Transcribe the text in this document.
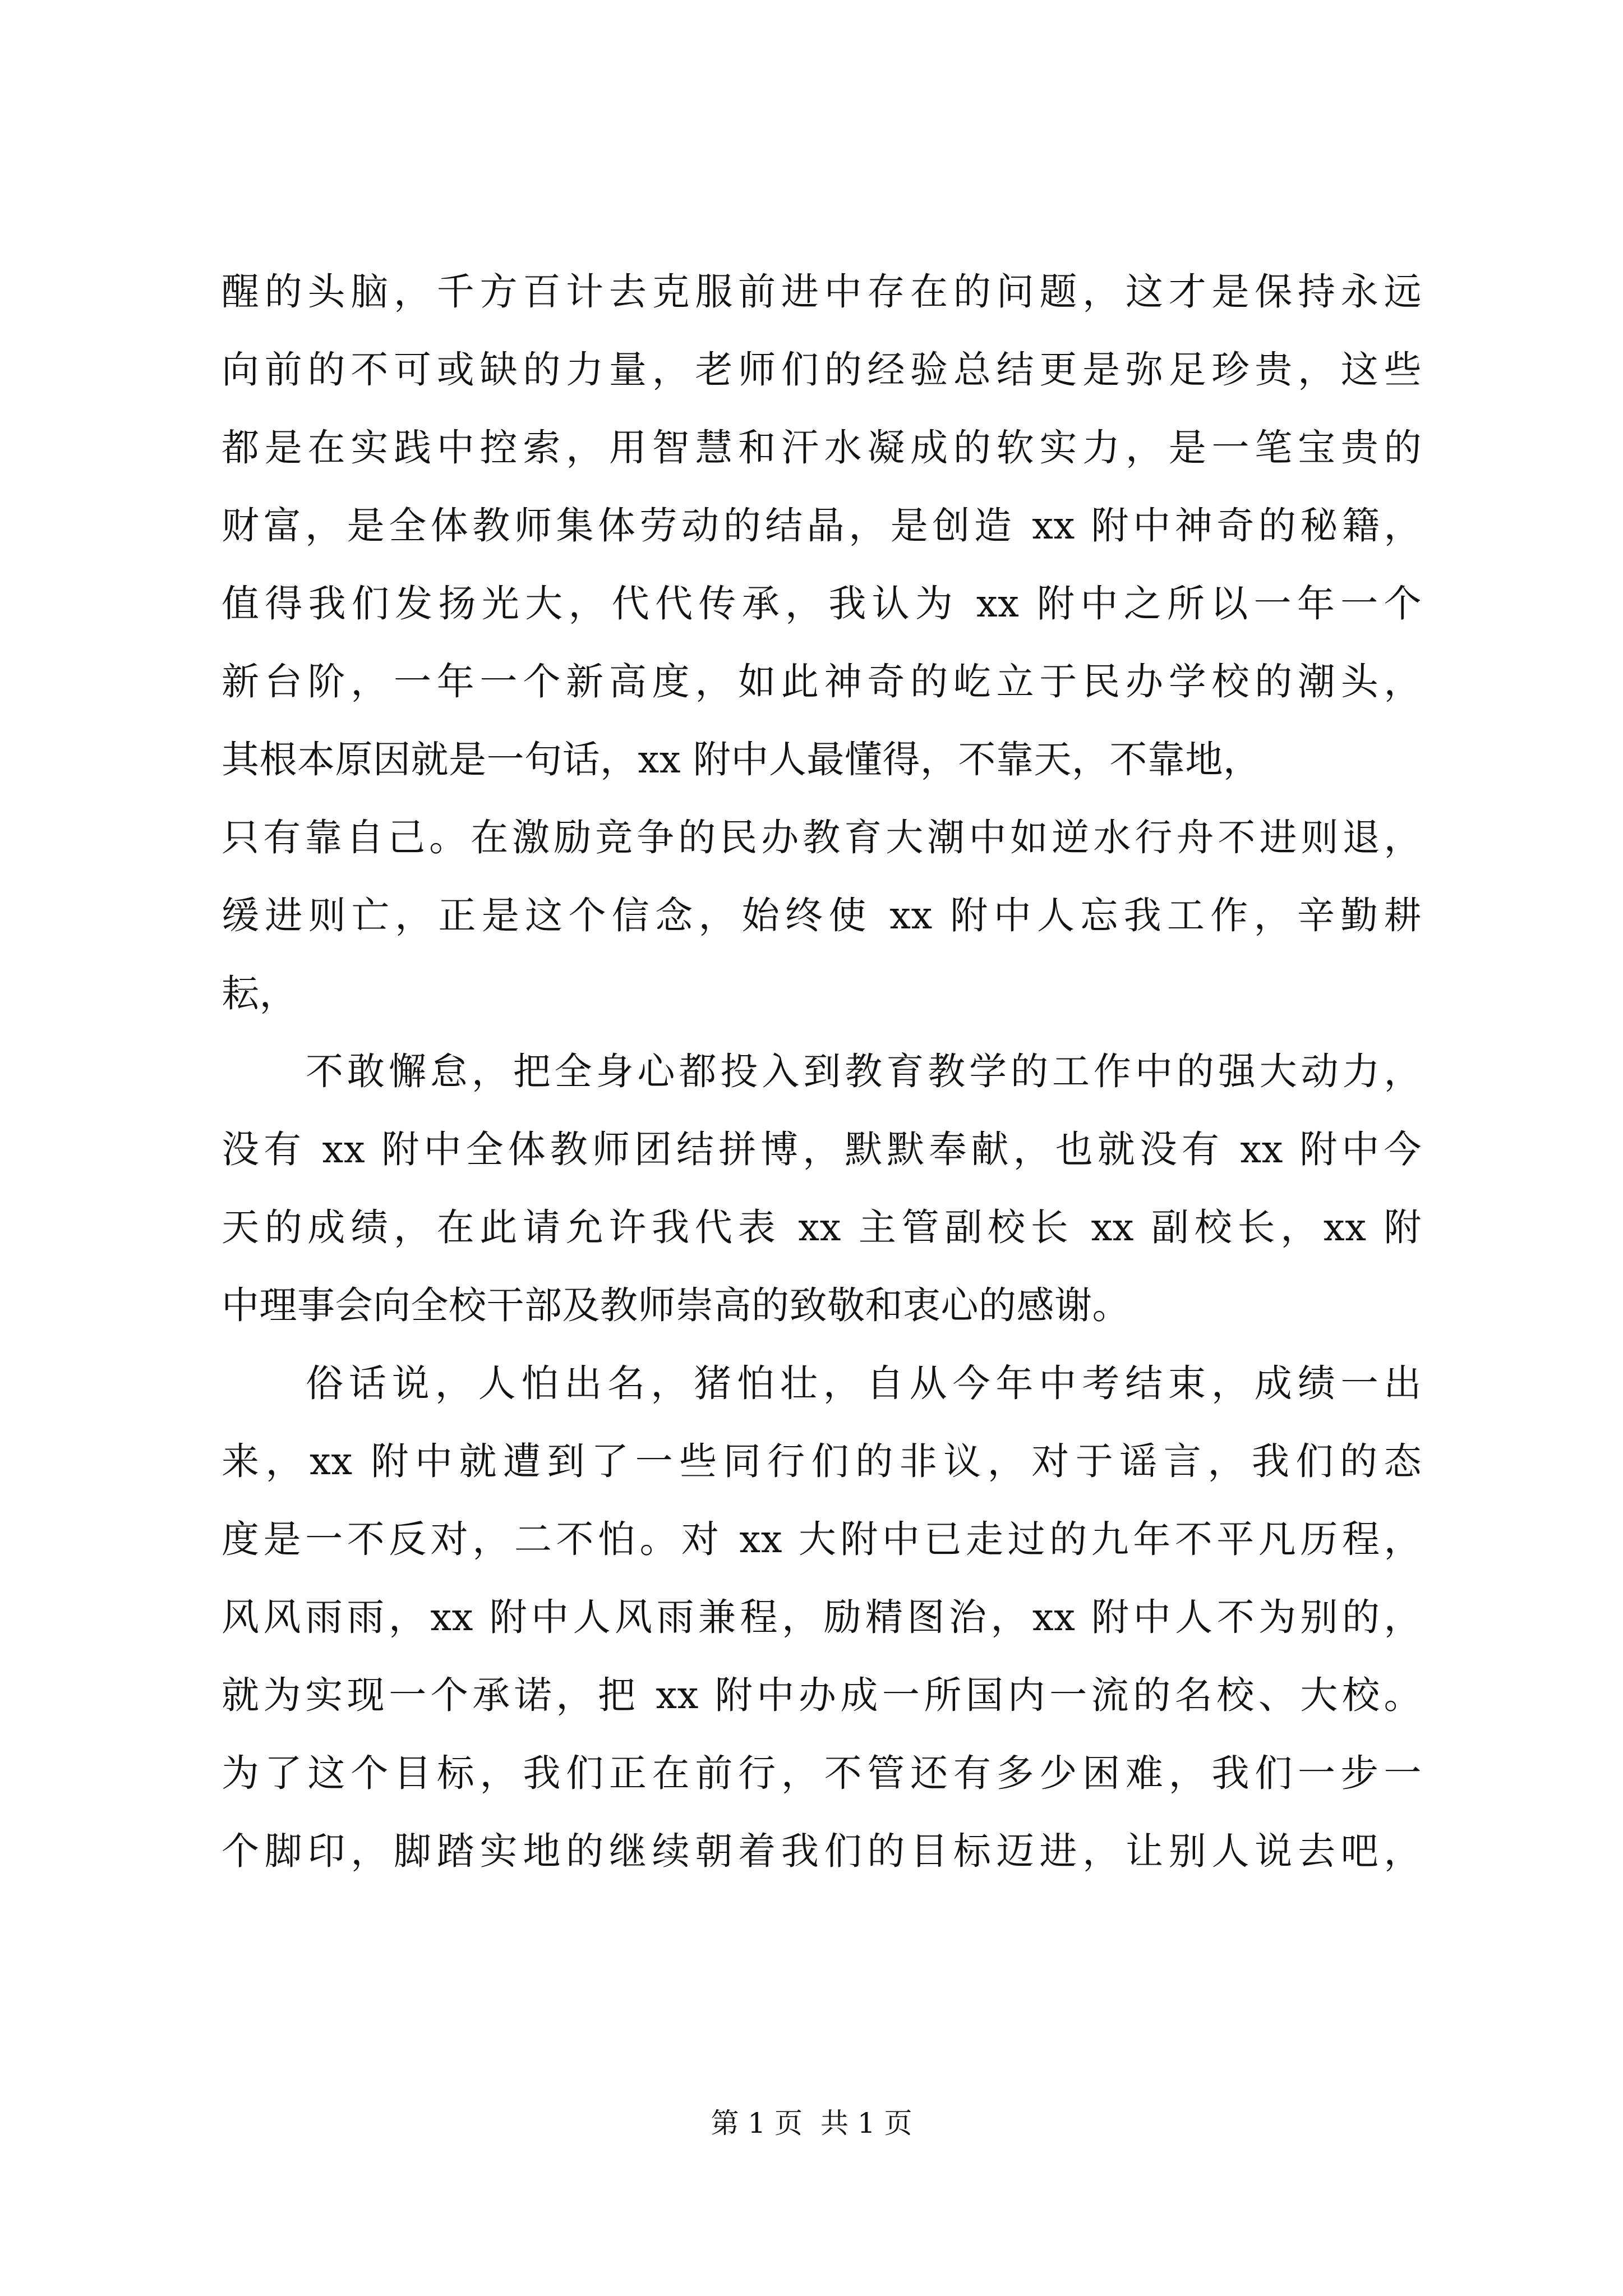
醒的头脑，千方百计去克服前进中存在的问题，这才是保持永远
向前的不可或缺的力量，老师们的经验总结更是弥足珍贵，这些
都是在实践中控索，用智慧和汗水凝成的软实力，是一笔宝贵的
财富，是全体教师集体劳动的结晶，是创造 xx 附中神奇的秘籍，
值得我们发扬光大，代代传承，我认为 xx 附中之所以一年一个
新台阶，一年一个新高度，如此神奇的屹立于民办学校的潮头，
其根本原因就是一句话，xx 附中人最懂得，不靠天，不靠地，
只有靠自己。在激励竞争的民办教育大潮中如逆水行舟不进则退，
缓进则亡，正是这个信念，始终使 xx 附中人忘我工作，辛勤耕
耘，
不敢懈怠，把全身心都投入到教育教学的工作中的强大动力，
没有 xx 附中全体教师团结拼博，默默奉献，也就没有 xx 附中今
天的成绩，在此请允许我代表 xx 主管副校长 xx 副校长，xx 附
中理事会向全校干部及教师崇高的致敬和衷心的感谢。
俗话说，人怕出名，猪怕壮，自从今年中考结束，成绩一出
来，xx 附中就遭到了一些同行们的非议，对于谣言，我们的态
度是一不反对，二不怕。对 xx 大附中已走过的九年不平凡历程，
风风雨雨，xx 附中人风雨兼程，励精图治，xx 附中人不为别的，
就为实现一个承诺，把 xx 附中办成一所国内一流的名校、大校。
为了这个目标，我们正在前行，不管还有多少困难，我们一步一
个脚印，脚踏实地的继续朝着我们的目标迈进，让别人说去吧，
第 1 页 共 1 页
